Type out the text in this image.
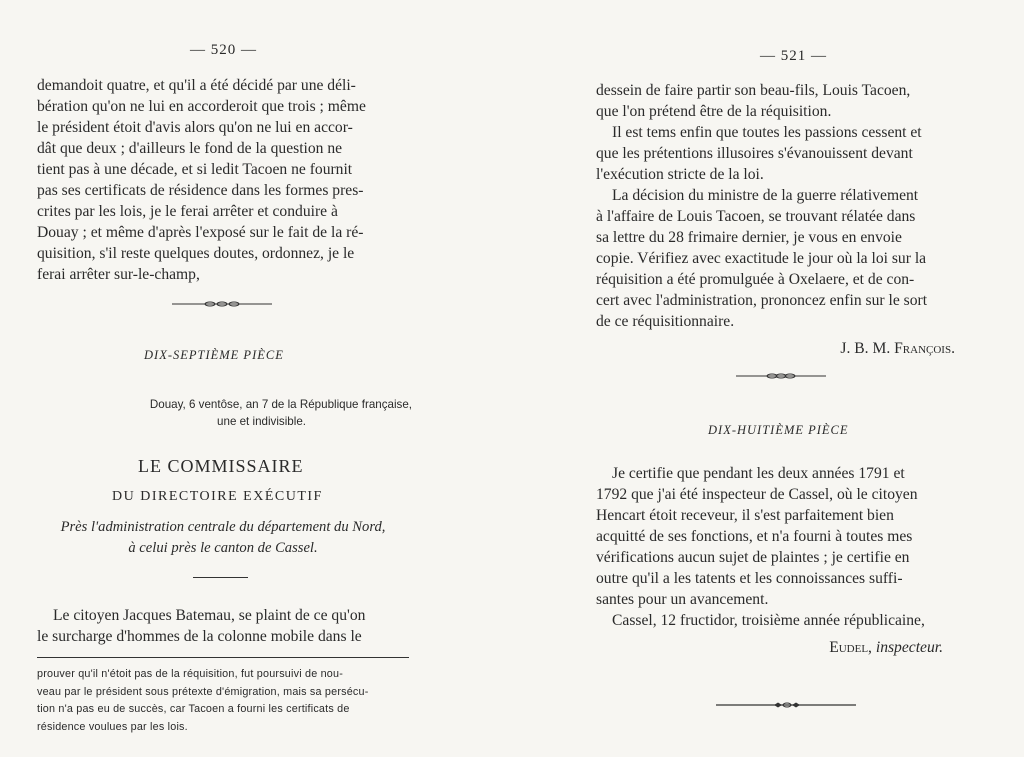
— 520 —

demandoit quatre, et qu'il a été décidé par une déli-

bération qu'on ne lui en accorderoit que trois ; même

le président étoit d'avis alors qu'on ne lui en accor-

dât que deux ; d'ailleurs le fond de la question ne

tient pas à une décade, et si ledit Tacoen ne fournit

pas ses certificats de résidence dans les formes pres-

crites par les lois, je le ferai arrêter et conduire à

Douay ; et même d'après l'exposé sur le fait de la ré-

quisition, s'il reste quelques doutes, ordonnez, je le

ferai arrêter sur-le-champ,

DIX-SEPTIÈME PIÈCE
Douay, 6 ventôse, an 7 de la République française,
une et indivisible.
LE COMMISSAIRE
DU DIRECTOIRE EXÉCUTIF
Près l'administration centrale du département du Nord,
à celui près le canton de Cassel.

Le citoyen Jacques Batemau, se plaint de ce qu'on

le surcharge d'hommes de la colonne mobile dans le

prouver qu'il n'étoit pas de la réquisition, fut poursuivi de nou-
veau par le président sous prétexte d'émigration, mais sa persécu-
tion n'a pas eu de succès, car Tacoen a fourni les certificats de
résidence voulues par les lois.
— 521 —

dessein de faire partir son beau-fils, Louis Tacoen,

que l'on prétend être de la réquisition.

Il est tems enfin que toutes les passions cessent et

que les prétentions illusoires s'évanouissent devant

l'exécution stricte de la loi.

La décision du ministre de la guerre rélativement

à l'affaire de Louis Tacoen, se trouvant rélatée dans

sa lettre du 28 frimaire dernier, je vous en envoie

copie. Vérifiez avec exactitude le jour où la loi sur la

réquisition a été promulguée à Oxelaere, et de con-

cert avec l'administration, prononcez enfin sur le sort

de ce réquisitionnaire.

J. B. M. François.

DIX-HUITIÈME PIÈCE

Je certifie que pendant les deux années 1791 et

1792 que j'ai été inspecteur de Cassel, où le citoyen

Hencart étoit receveur, il s'est parfaitement bien

acquitté de ses fonctions, et n'a fourni à toutes mes

vérifications aucun sujet de plaintes ; je certifie en

outre qu'il a les tatents et les connoissances suffi-

santes pour un avancement.

Cassel, 12 fructidor, troisième année républicaine,

Eudel, inspecteur.
